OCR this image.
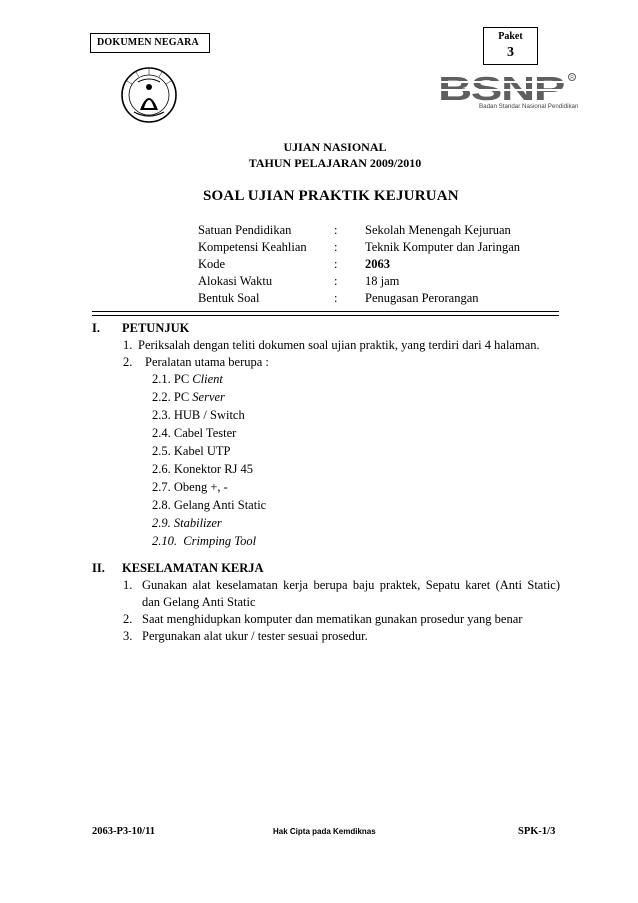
DOKUMEN NEGARA
Paket
3
BSNP R
Badan Standar Nasional Pendidikan
UJIAN NASIONAL
TAHUN PELAJARAN 2009/2010
SOAL UJIAN PRAKTIK KEJURUAN
Satuan Pendidikan	: Sekolah Menengah Kejuruan
Kompetensi Keahlian : Teknik Komputer dan Jaringan
Kode	: 2063
Alokasi Waktu	: 18 jam
Bentuk Soal	: Penugasan Perorangan
I. PETUNJUK
1. Periksalah dengan teliti dokumen soal ujian praktik, yang terdiri dari 4 halaman.
2. Peralatan utama berupa :
2.1. PC Client
2.2. PC Server
2.3. HUB / Switch
2.4. Cabel Tester
2.5. Kabel UTP
2.6. Konektor RJ 45
2.7. Obeng +, -
2.8. Gelang Anti Static
2.9. Stabilizer
2.10. Crimping Tool
II. KESELAMATAN KERJA
1. Gunakan alat keselamatan kerja berupa baju praktek, Sepatu karet (Anti Static)
dan Gelang Anti Static
2. Saat menghidupkan komputer dan mematikan gunakan prosedur yang benar
3. Pergunakan alat ukur / tester sesuai prosedur.
2063-P3-10/11	Hak Cipta pada Kemdiknas	SPK-1/3
